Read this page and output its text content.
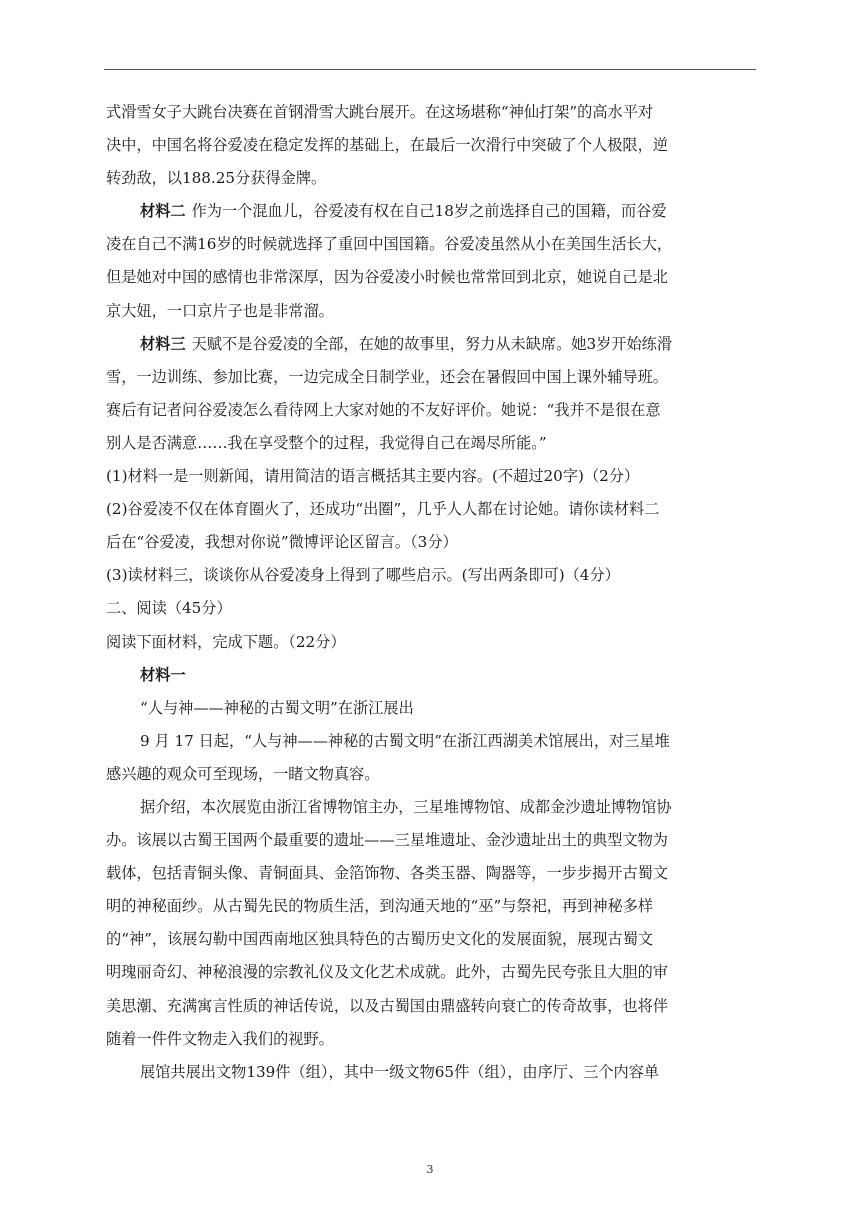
式滑雪女子大跳台决赛在首钢滑雪大跳台展开。在这场堪称“神仙打架”的高水平对
决中，中国名将谷爱凌在稳定发挥的基础上，在最后一次滑行中突破了个人极限，逆
转劲敌，以188.25分获得金牌。
材料二 作为一个混血儿，谷爱凌有权在自己18岁之前选择自己的国籍，而谷爱
凌在自己不满16岁的时候就选择了重回中国国籍。谷爱凌虽然从小在美国生活长大，
但是她对中国的感情也非常深厚，因为谷爱凌小时候也常常回到北京，她说自己是北
京大妞，一口京片子也是非常溜。
材料三 天赋不是谷爱凌的全部，在她的故事里，努力从未缺席。她3岁开始练滑
雪，一边训练、参加比赛，一边完成全日制学业，还会在暑假回中国上课外辅导班。
赛后有记者问谷爱凌怎么看待网上大家对她的不友好评价。她说：“我并不是很在意
别人是否满意……我在享受整个的过程，我觉得自己在竭尽所能。”
(1)材料一是一则新闻，请用简洁的语言概括其主要内容。(不超过20字)（2分）
(2)谷爱凌不仅在体育圈火了，还成功“出圈”，几乎人人都在讨论她。请你读材料二
后在“谷爱凌，我想对你说”微博评论区留言。（3分）
(3)读材料三，谈谈你从谷爱凌身上得到了哪些启示。(写出两条即可)（4分）
二、阅读（45分）
阅读下面材料，完成下题。（22分）
材料一
“人与神——神秘的古蜀文明”在浙江展出
9 月 17 日起，“人与神——神秘的古蜀文明”在浙江西湖美术馆展出，对三星堆
感兴趣的观众可至现场，一睹文物真容。
据介绍，本次展览由浙江省博物馆主办，三星堆博物馆、成都金沙遗址博物馆协
办。该展以古蜀王国两个最重要的遗址——三星堆遗址、金沙遗址出土的典型文物为
载体，包括青铜头像、青铜面具、金箔饰物、各类玉器、陶器等，一步步揭开古蜀文
明的神秘面纱。从古蜀先民的物质生活，到沟通天地的“巫”与祭祀，再到神秘多样
的“神”，该展勾勒中国西南地区独具特色的古蜀历史文化的发展面貌，展现古蜀文
明瑰丽奇幻、神秘浪漫的宗教礼仪及文化艺术成就。此外，古蜀先民夸张且大胆的审
美思潮、充满寓言性质的神话传说，以及古蜀国由鼎盛转向衰亡的传奇故事，也将伴
随着一件件文物走入我们的视野。
展馆共展出文物139件（组），其中一级文物65件（组），由序厅、三个内容单
3
